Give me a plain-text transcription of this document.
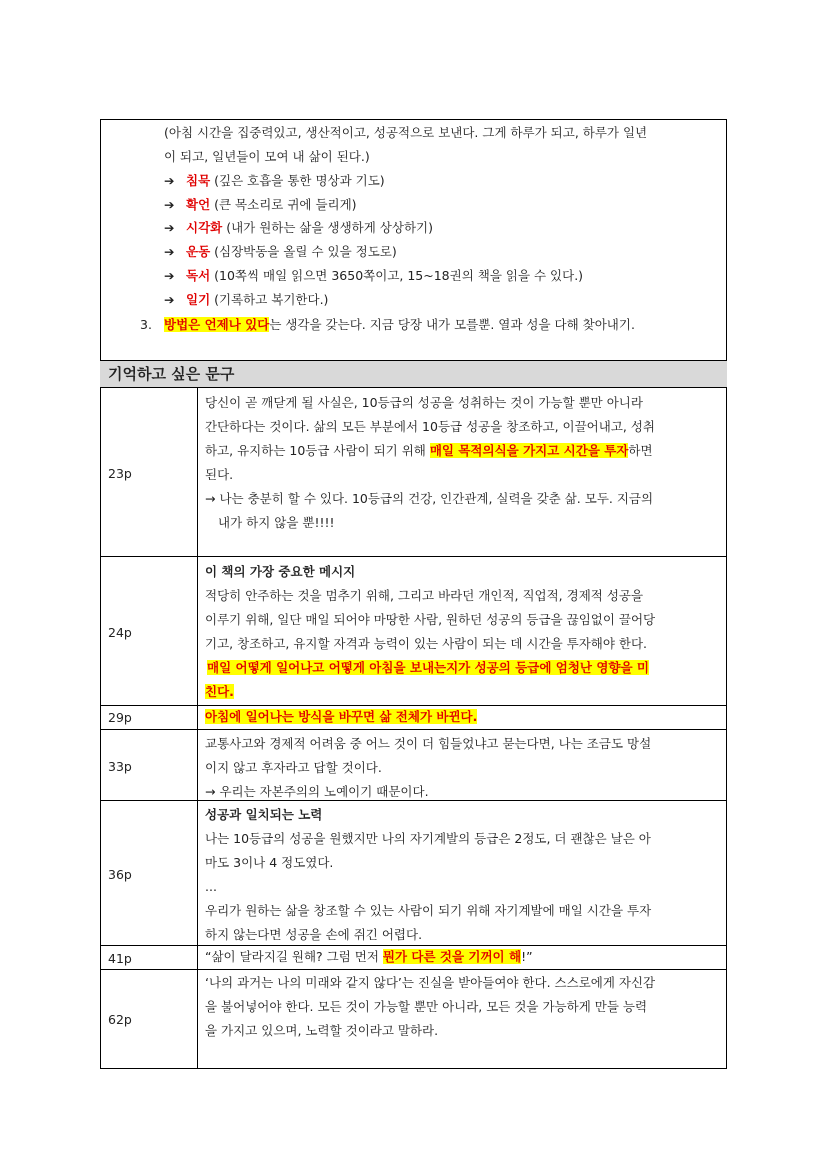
(아침 시간을 집중력있고, 생산적이고, 성공적으로 보낸다. 그게 하루가 되고, 하루가 일년
이 되고, 일년들이 모여 내 삶이 된다.)
➔ 침묵 (깊은 호흡을 통한 명상과 기도)
➔ 확언 (큰 목소리로 귀에 들리게)
➔ 시각화 (내가 원하는 삶을 생생하게 상상하기)
➔ 운동 (심장박동을 올릴 수 있을 정도로)
➔ 독서 (10쪽씩 매일 읽으면 3650쪽이고, 15~18권의 책을 읽을 수 있다.)
➔ 일기 (기록하고 복기한다.)
3. 방법은 언제나 있다는 생각을 갖는다. 지금 당장 내가 모를뿐. 열과 성을 다해 찾아내기.
기억하고 싶은 문구
23p
당신이 곧 깨닫게 될 사실은, 10등급의 성공을 성취하는 것이 가능할 뿐만 아니라
간단하다는 것이다. 삶의 모든 부분에서 10등급 성공을 창조하고, 이끌어내고, 성취
하고, 유지하는 10등급 사람이 되기 위해 매일 목적의식을 가지고 시간을 투자하면
된다.
→ 나는 충분히 할 수 있다. 10등급의 건강, 인간관계, 실력을 갖춘 삶. 모두. 지금의
내가 하지 않을 뿐!!!!
24p
이 책의 가장 중요한 메시지
적당히 안주하는 것을 멈추기 위해, 그리고 바라던 개인적, 직업적, 경제적 성공을
이루기 위해, 일단 매일 되어야 마땅한 사람, 원하던 성공의 등급을 끊임없이 끌어당
기고, 창조하고, 유지할 자격과 능력이 있는 사람이 되는 데 시간을 투자해야 한다.
매일 어떻게 일어나고 어떻게 아침을 보내는지가 성공의 등급에 엄청난 영향을 미
친다.
29p	아침에 일어나는 방식을 바꾸면 삶 전체가 바뀐다.
33p
교통사고와 경제적 어려움 중 어느 것이 더 힘들었냐고 묻는다면, 나는 조금도 망설
이지 않고 후자라고 답할 것이다.
→ 우리는 자본주의의 노예이기 때문이다.
36p
성공과 일치되는 노력
나는 10등급의 성공을 원했지만 나의 자기계발의 등급은 2정도, 더 괜찮은 날은 아
마도 3이나 4 정도였다.
...
우리가 원하는 삶을 창조할 수 있는 사람이 되기 위해 자기계발에 매일 시간을 투자
하지 않는다면 성공을 손에 쥐긴 어렵다.
41p	“삶이 달라지길 원해? 그럼 먼저 뭔가 다른 것을 기꺼이 해!”
62p
‘나의 과거는 나의 미래와 같지 않다’는 진실을 받아들여야 한다. 스스로에게 자신감
을 불어넣어야 한다. 모든 것이 가능할 뿐만 아니라, 모든 것을 가능하게 만들 능력
을 가지고 있으며, 노력할 것이라고 말하라.
